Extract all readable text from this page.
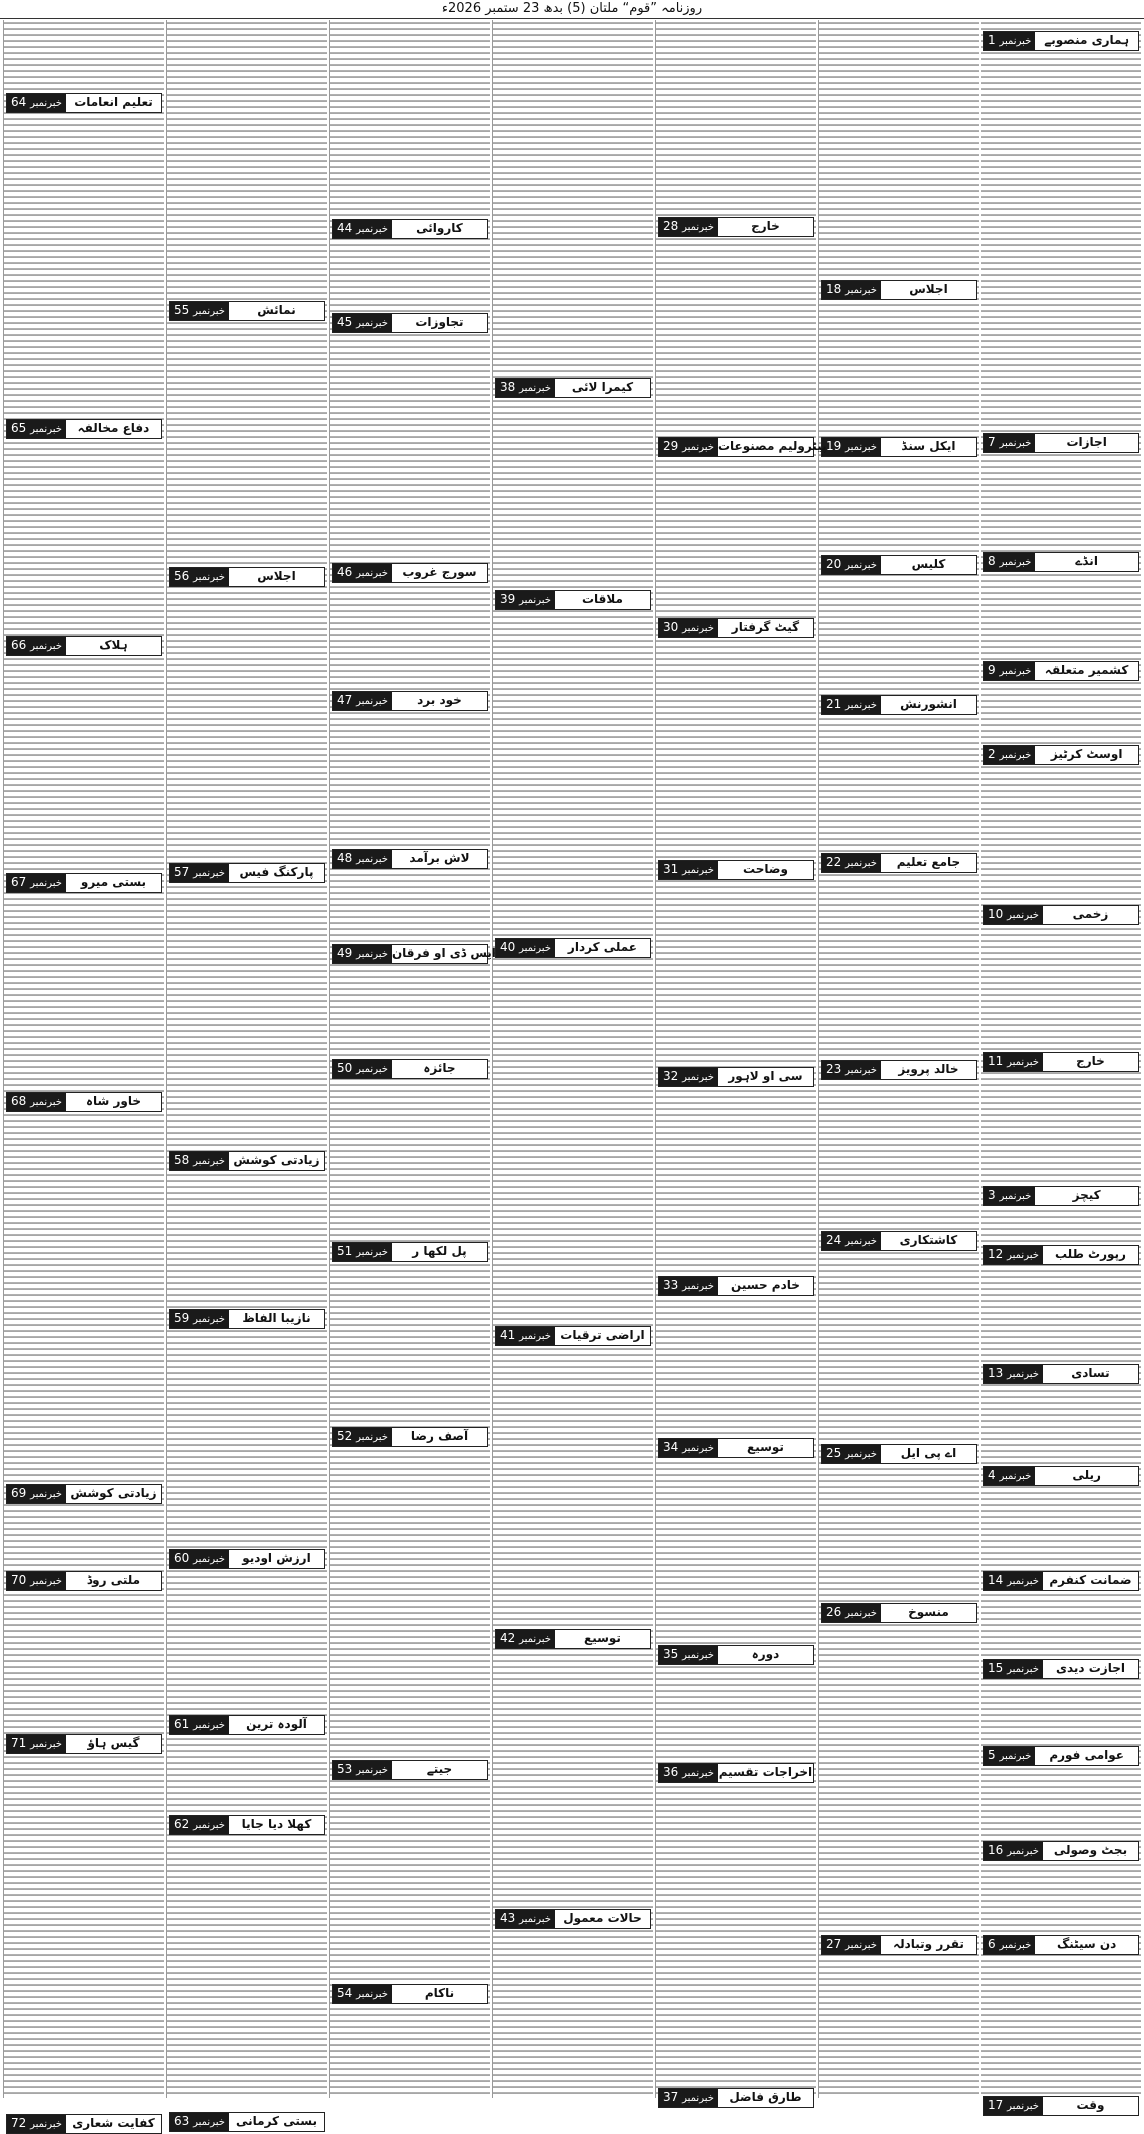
روزنامہ ”قوم“ ملتان (5) بدھ 23 ستمبر 2026ء
خبرنمبر 1	ہماری منصوبے
خبرنمبر 7	اجازات
خبرنمبر 8	انڈے
خبرنمبر 9	کشمیر متعلقہ
خبرنمبر 2	اوسٹ کرٹیز
خبرنمبر 10	زخمی
خبرنمبر 11	خارج
خبرنمبر 3	کیچز
خبرنمبر 12	رپورٹ طلب
خبرنمبر 13	تسادی
خبرنمبر 4	ریلی
خبرنمبر 14	ضمانت کنفرم
خبرنمبر 15	اجازت دیدی
خبرنمبر 5	عوامی فورم
خبرنمبر 16	بجٹ وصولی
خبرنمبر 6	دن سیٹنگ
خبرنمبر 17	وقت
خبرنمبر 18	اجلاس
خبرنمبر 19	ایکل سنڈ
خبرنمبر 20	کلیس
خبرنمبر 21	انشورنش
خبرنمبر 22	جامع تعلیم
خبرنمبر 23	خالد پرویز
خبرنمبر 24	کاشتکاری
خبرنمبر 25	اے پی ایل
خبرنمبر 26	منسوخ
خبرنمبر 27	تقرر وتبادلہ
خبرنمبر 28	خارج
خبرنمبر 29	پیٹرولیم مصنوعات
خبرنمبر 30	گیٹ گرفتار
خبرنمبر 31	وضاحت
خبرنمبر 32	سی او لاہور
خبرنمبر 33	خادم حسین
خبرنمبر 34	توسیع
خبرنمبر 35	دورہ
خبرنمبر 36	اخراجات تقسیم
خبرنمبر 37	طارق فاضل
خبرنمبر 38	کیمرا لائی
خبرنمبر 39	ملاقات
خبرنمبر 40	عملی کردار
خبرنمبر 41	اراضی ترقیات
خبرنمبر 42	توسیع
خبرنمبر 43	حالات معمول
خبرنمبر 44	کاروائی
خبرنمبر 45	تجاوزات
خبرنمبر 46	سورج غروب
خبرنمبر 47	خود برد
خبرنمبر 48	لاش برآمد
خبرنمبر 49	ایس ڈی او فرقان
خبرنمبر 50	جائزہ
خبرنمبر 51	پل لکھا ر
خبرنمبر 52	آصف رضا
خبرنمبر 53	جیتے
خبرنمبر 54	ناکام
خبرنمبر 55	نمائش
خبرنمبر 56	اجلاس
خبرنمبر 57	پارکنگ فیس
خبرنمبر 58	زیادتی کوشش
خبرنمبر 59	نازیبا الفاظ
خبرنمبر 60	ارزش اودیو
خبرنمبر 61	آلودہ ترین
خبرنمبر 62	کھلا دیا جایا
خبرنمبر 63	بستی کرمانی
خبرنمبر 64	تعلیم انعامات
خبرنمبر 65	دفاع مخالفہ
خبرنمبر 66	ہلاک
خبرنمبر 67	بستی میرو
خبرنمبر 68	خاور شاہ
خبرنمبر 69	زیادتی کوشش
خبرنمبر 70	ملتی روڈ
خبرنمبر 71	گیس ہاؤ
خبرنمبر 72	کفایت شعاری
